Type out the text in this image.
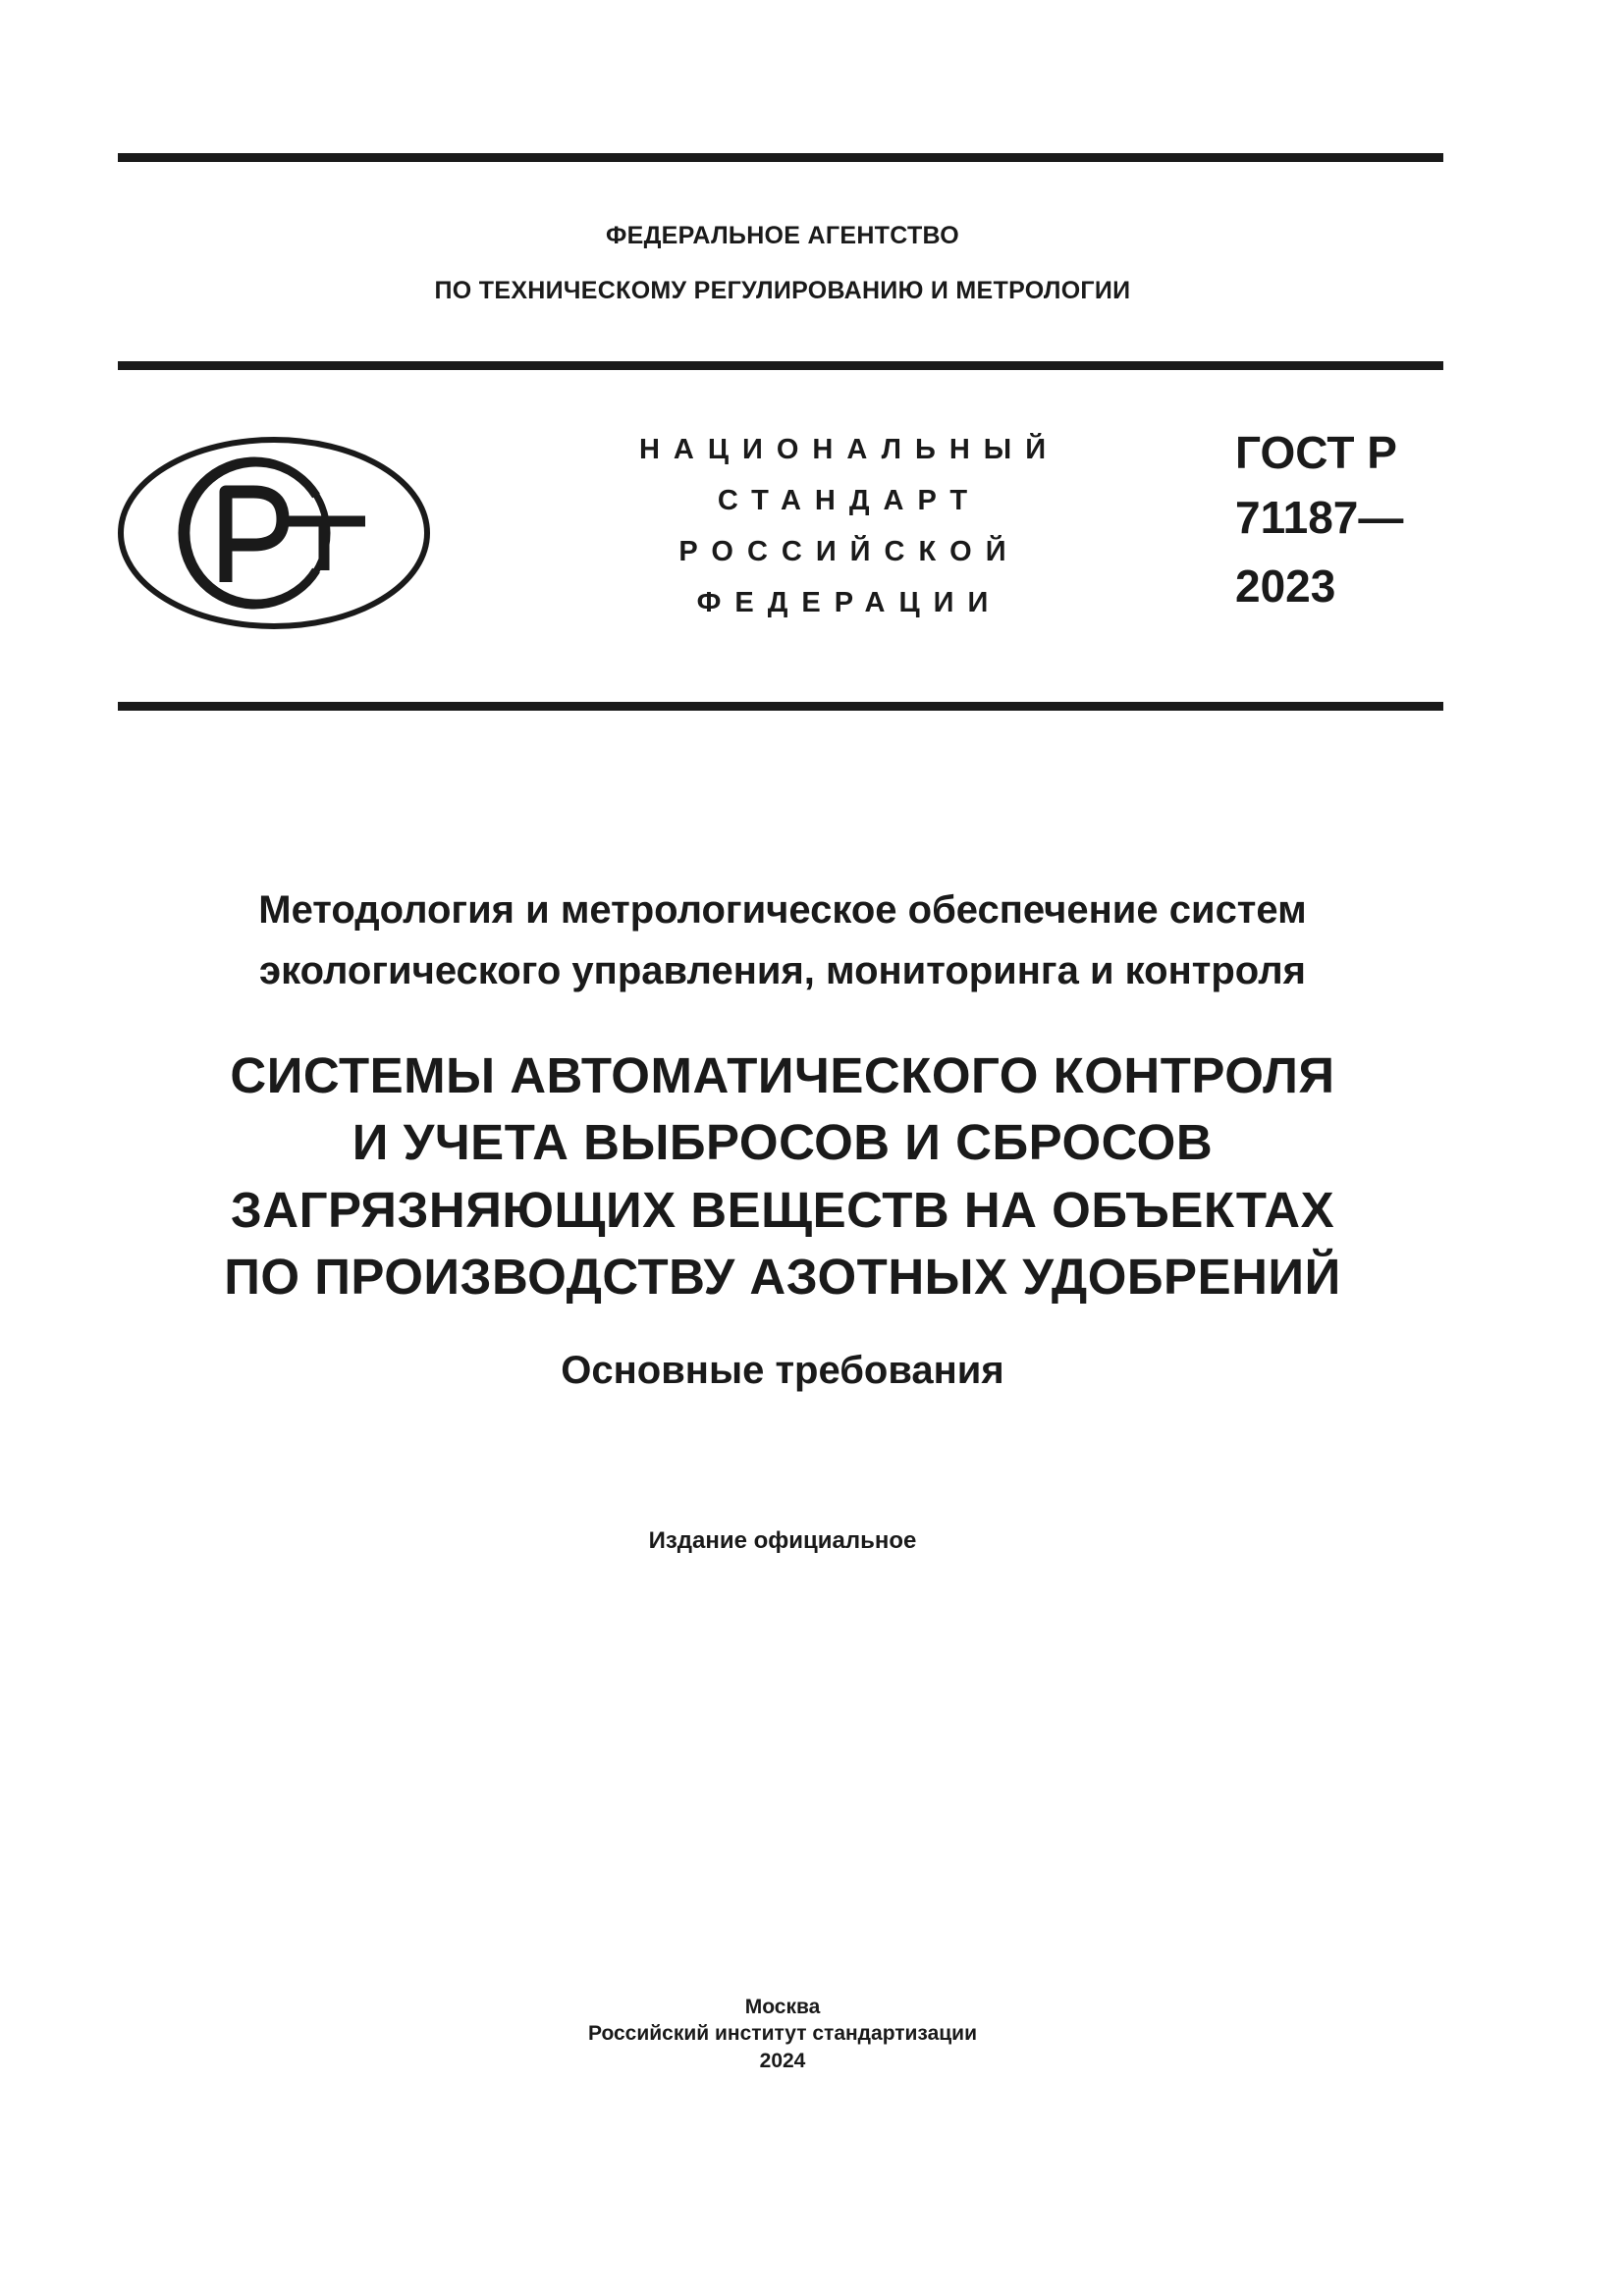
ФЕДЕРАЛЬНОЕ АГЕНТСТВО
ПО ТЕХНИЧЕСКОМУ РЕГУЛИРОВАНИЮ И МЕТРОЛОГИИ
НАЦИОНАЛЬНЫЙ
СТАНДАРТ
РОССИЙСКОЙ
ФЕДЕРАЦИИ
ГОСТ Р
71187—
2023
Методология и метрологическое обеспечение систем
экологического управления, мониторинга и контроля
СИСТЕМЫ АВТОМАТИЧЕСКОГО КОНТРОЛЯ
И УЧЕТА ВЫБРОСОВ И СБРОСОВ
ЗАГРЯЗНЯЮЩИХ ВЕЩЕСТВ НА ОБЪЕКТАХ
ПО ПРОИЗВОДСТВУ АЗОТНЫХ УДОБРЕНИЙ
Основные требования
Издание официальное
Москва
Российский институт стандартизации
2024
